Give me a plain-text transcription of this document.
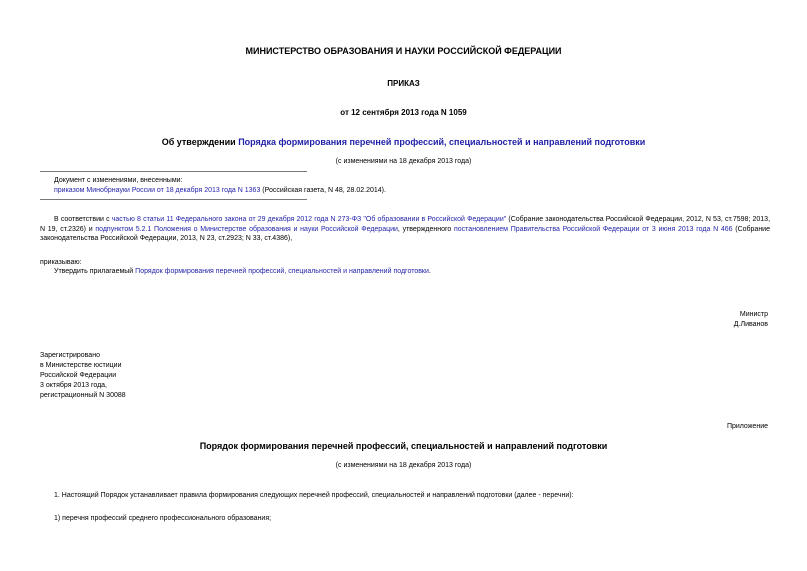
МИНИСТЕРСТВО ОБРАЗОВАНИЯ И НАУКИ РОССИЙСКОЙ ФЕДЕРАЦИИ
ПРИКАЗ
от 12 сентября 2013 года N 1059
Об утверждении Порядка формирования перечней профессий, специальностей и направлений подготовки
(с изменениями на 18 декабря 2013 года)
Документ с изменениями, внесенными:
приказом Минобрнауки России от 18 декабря 2013 года N 1363 (Российская газета, N 48, 28.02.2014).
В соответствии с частью 8 статьи 11 Федерального закона от 29 декабря 2012 года N 273-ФЗ "Об образовании в Российской Федерации" (Собрание законодательства Российской Федерации, 2012, N 53, ст.7598; 2013, N 19, ст.2326) и подпунктом 5.2.1 Положения о Министерстве образования и науки Российской Федерации, утвержденного постановлением Правительства Российской Федерации от 3 июня 2013 года N 466 (Собрание законодательства Российской Федерации, 2013, N 23, ст.2923; N 33, ст.4386),
приказываю:
Утвердить прилагаемый Порядок формирования перечней профессий, специальностей и направлений подготовки.
Министр
Д.Ливанов
Зарегистрировано
в Министерстве юстиции
Российской Федерации
3 октября 2013 года,
регистрационный N 30088
Приложение
Порядок формирования перечней профессий, специальностей и направлений подготовки
(с изменениями на 18 декабря 2013 года)
1. Настоящий Порядок устанавливает правила формирования следующих перечней профессий, специальностей и направлений подготовки (далее - перечни):
1) перечня профессий среднего профессионального образования;
